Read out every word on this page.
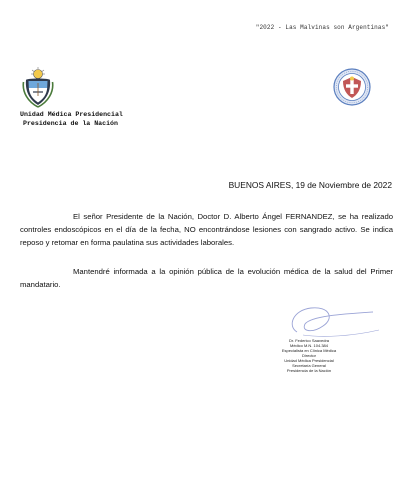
"2022 - Las Malvinas son Argentinas"
Unidad Médica Presidencial
Presidencia de la Nación
BUENOS AIRES, 19 de Noviembre de 2022
El señor Presidente de la Nación, Doctor D. Alberto Ángel FERNANDEZ, se ha realizado controles endoscópicos en el día de la fecha, NO encontrándose lesiones con sangrado activo. Se indica reposo y retomar en forma paulatina sus actividades laborales.
Mantendré informada a la opinión pública de la evolución médica de la salud del Primer mandatario.
Dr. Federico Saavedra
Médico M.N. 104.384
Especialista en Clínica Médica
Director
Unidad Médica Presidencial
Secretaría General
Presidencia de la Nación
